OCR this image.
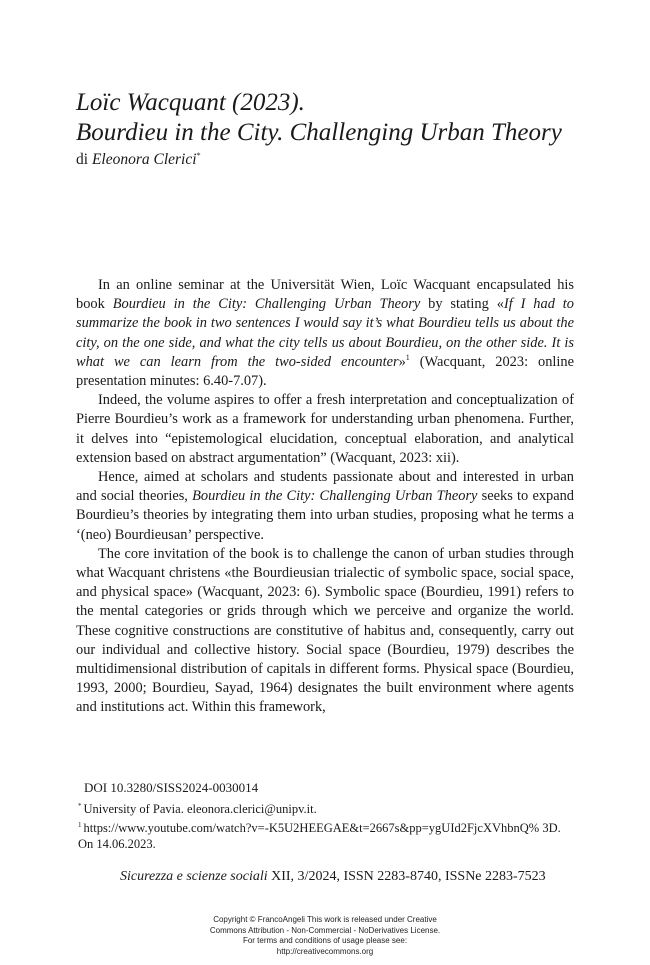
Loïc Wacquant (2023).
Bourdieu in the City. Challenging Urban Theory
di Eleonora Clerici*

In an online seminar at the Universität Wien, Loïc Wacquant encapsulated his book Bourdieu in the City: Challenging Urban Theory by stating «If I had to summarize the book in two sentences I would say it’s what Bourdieu tells us about the city, on the one side, and what the city tells us about Bourdieu, on the other side. It is what we can learn from the two-sided encounter»$^1$ (Wacquant, 2023: online presentation minutes: 6.40-7.07).

Indeed, the volume aspires to offer a fresh interpretation and conceptualization of Pierre Bourdieu’s work as a framework for understanding urban phenomena. Further, it delves into “epistemological elucidation, conceptual elaboration, and analytical extension based on abstract argumentation” (Wacquant, 2023: xii).

Hence, aimed at scholars and students passionate about and interested in urban and social theories, Bourdieu in the City: Challenging Urban Theory seeks to expand Bourdieu’s theories by integrating them into urban studies, proposing what he terms a ‘(neo) Bourdieusan’ perspective.

The core invitation of the book is to challenge the canon of urban studies through what Wacquant christens «the Bourdieusian trialectic of symbolic space, social space, and physical space» (Wacquant, 2023: 6). Symbolic space (Bourdieu, 1991) refers to the mental categories or grids through which we perceive and organize the world. These cognitive constructions are constitutive of habitus and, consequently, carry out our individual and collective history. Social space (Bourdieu, 1979) describes the multidimensional distribution of capitals in different forms. Physical space (Bourdieu, 1993, 2000; Bourdieu, Sayad, 1964) designates the built environment where agents and institutions act. Within this framework,

DOI 10.3280/SISS2024-0030014
* University of Pavia. eleonora.clerici@unipv.it.
$^1$ https://www.youtube.com/watch?v=-K5U2HEEGAE&t=2667s&pp=ygUId2FjcXVhbnQ% 3D. On 14.06.2023.
Sicurezza e scienze sociali XII, 3/2024, ISSN 2283-8740, ISSNe 2283-7523
Copyright © FrancoAngeli This work is released under Creative
Commons Attribution - Non-Commercial - NoDerivatives License.
For terms and conditions of usage please see:
http://creativecommons.org
